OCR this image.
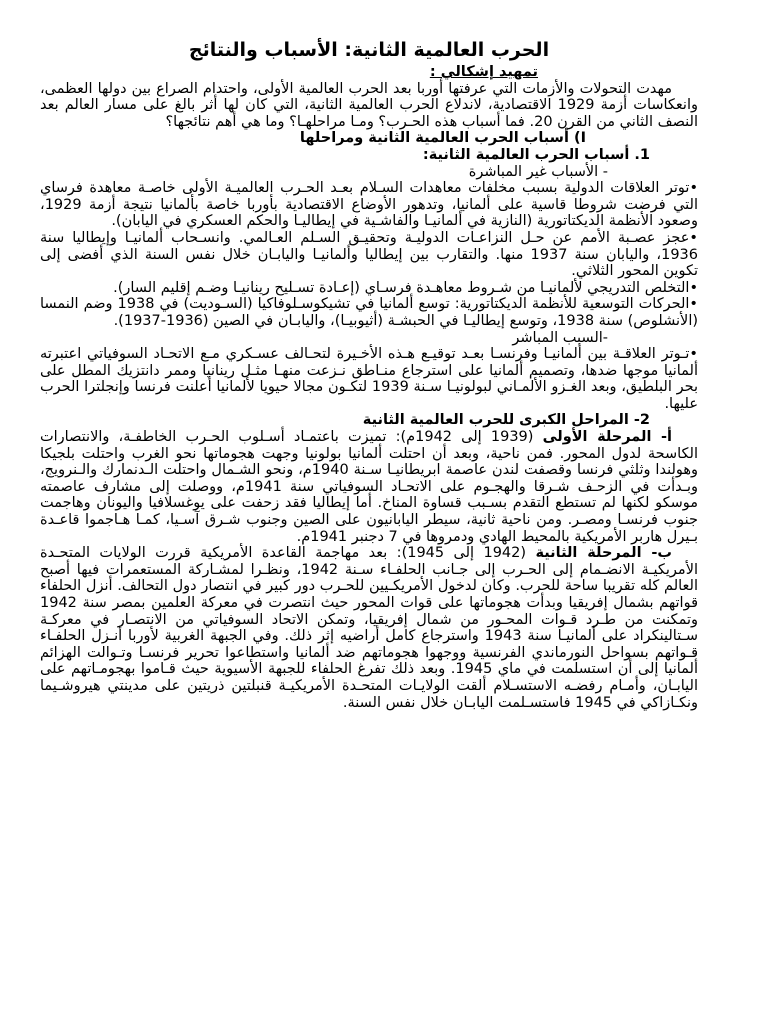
الحرب العالمية الثانية: الأسباب والنتائج
تمهيد إشكالي :

مهدت التحولات والأزمات التي عرفتها أوربا بعد الحرب العالمية الأولى، واحتدام الصراع بين دولها العظمى، وانعكاسات أزمة 1929 الاقتصادية، لاندلاع الحرب العالمية الثانية، التي كان لها أثر بالغ على مسار العالم بعد النصف الثاني من القرن 20. فما أسباب هذه الحـرب؟ ومـا مراحلهـا؟ وما هي أهم نتائجها؟

I) أسباب الحرب العالمية الثانية ومراحلها
1. أسباب الحرب العالمية الثانية:
- الأسباب غير المباشرة

•توتر العلاقات الدولية بسبب مخلفات معاهدات السـلام بعـد الحـرب العالميـة الأولى خاصـة معاهدة فرساي التي فرضت شروطا قاسية على ألمانيا، وتدهور الأوضاع الاقتصادية بأوربا خاصة بألمانيا نتيجة أزمة 1929، وصعود الأنظمة الديكتاتورية (النازية في ألمانيـا والفاشـية في إيطاليـا والحكم العسكري في اليابان).

•عجز عصـبة الأمم عن حـل النزاعـات الدوليـة وتحقيـق السـلم العـالمي. وانسـحاب ألمانيـا وإيطاليا سنة 1936، واليابان سنة 1937 منها. والتقارب بين إيطاليا وألمانيـا واليابـان خلال نفس السنة الذي أفضى إلى تكوين المحور الثلاثي.

•التخلص التدريجي لألمانيـا من شـروط معاهـدة فرسـاي (إعـادة تسـليح رينانيـا وضـم إقليم السار).

•الحركات التوسعية للأنظمة الديكتاتورية: توسع ألمانيا في تشيكوسـلوفاكيا (السـوديت) في 1938 وضم النمسا (الأنشلوص) سنة 1938، وتوسع إيطاليـا في الحبشـة (أثيوبيـا)، واليابـان في الصين (1936-1937).

-السبب المباشر

•تـوتر العلاقـة بين ألمانيـا وفرنسـا بعـد توقيـع هـذه الأخـيرة لتحـالف عسـكري مـع الاتحـاد السوفياتي اعتبرته ألمانيا موجها ضدها، وتصميم ألمانيا على استرجاع منـاطق نـزعت منهـا مثـل رينانيا وممر دانتزيك المطل على بحر البلطيق، وبعد الغـزو الألمـاني لبولونيـا سـنة 1939 لتكـون مجالا حيويا لألمانيا أعلنت فرنسا وإنجلترا الحرب عليها.

2- المراحل الكبرى للحرب العالمية الثانية

أ- المرحلة الأولى (1939 إلى 1942م): تميزت باعتمـاد أسـلوب الحـرب الخاطفـة، والانتصارات الكاسحة لدول المحور. فمن ناحية، وبعد أن احتلت ألمانيا بولونيا وجهت هجوماتها نحو الغرب واحتلت بلجيكا وهولندا وثلثي فرنسا وقصفت لندن عاصمة ابريطانيـا سـنة 1940م، ونحو الشـمال واحتلت الـدنمارك والـنرويج، وبـدأت في الزحـف شـرقا والهجـوم على الاتحـاد السوفياتي سنة 1941م، ووصلت إلى مشارف عاصمته موسكو لكنها لم تستطع التقدم بسـبب قساوة المناخ. أما إيطاليا فقد زحفت على يوغسلافيا واليونان وهاجمت جنوب فرنسـا ومصـر. ومن ناحية ثانية، سيطر اليابانيون على الصين وجنوب شـرق آسـيا، كمـا هـاجموا قاعـدة بـيرل هاربر الأمريكية بالمحيط الهادي ودمروها في 7 دجنبر 1941م.

ب- المرحلة الثانية (1942 إلى 1945): بعد مهاجمة القاعدة الأمريكية قررت الولايات المتحـدة الأمريكيـة الانضـمام إلى الحـرب إلى جـانب الحلفـاء سـنة 1942، ونظـرا لمشـاركة المستعمرات فيها أصبح العالم كله تقريبا ساحة للحرب. وكان لدخول الأمريكـيين للحـرب دور كبير في انتصار دول التحالف. أنزل الحلفاء قواتهم بشمال إفريقيا وبدأت هجوماتها على قوات المحور حيث انتصرت في معركة العلمين بمصر سنة 1942 وتمكنت من طـرد قـوات المحـور من شمال إفريقيا، وتمكن الاتحاد السوفياتي من الانتصـار في معركـة سـتالينكراد على ألمانيـا سنة 1943 واسترجاع كامل أراضيه إثر ذلك. وفي الجبهة الغربية لأوربا أنـزل الحلفـاء قـواتهم بسواحل النورماندي الفرنسية ووجهوا هجوماتهم ضد ألمانيا واستطاعوا تحرير فرنسـا وتـوالت الهزائم ألمانيا إلى أن استسلمت في ماي 1945. وبعد ذلك تفرغ الحلفاء للجبهة الأسيوية حيث قـاموا بهجومـاتهم على اليابـان، وأمـام رفضـه الاستسـلام ألقت الولايـات المتحـدة الأمريكيـة قنبلتين ذريتين على مدينتي هيروشـيما ونكـازاكي في 1945 فاستسـلمت اليابـان خلال نفس السنة.
